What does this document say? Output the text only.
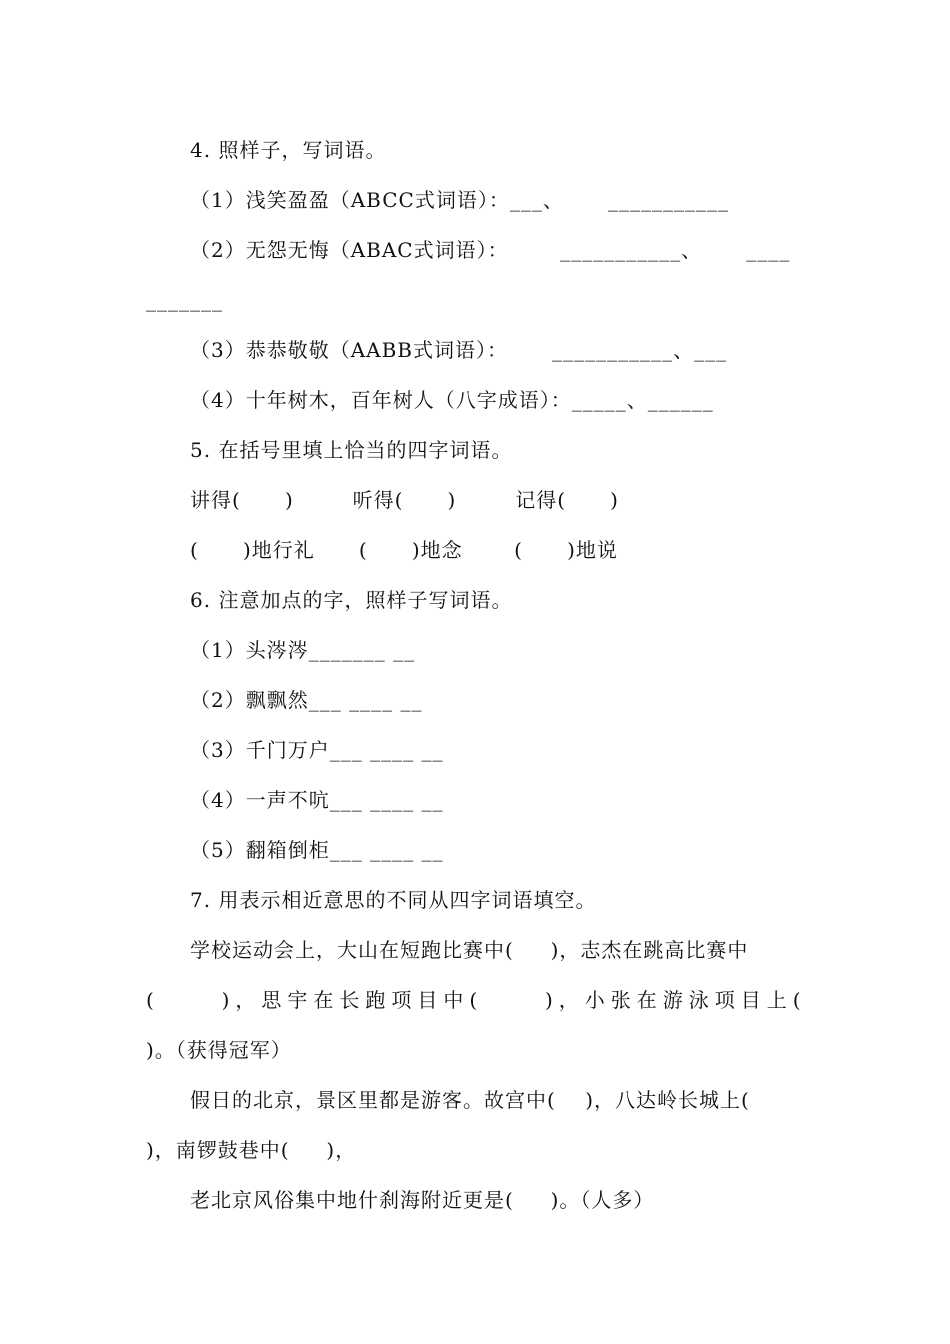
4. 照样子，写词语。
（1）浅笑盈盈（ABCC式词语）：___、      ___________
（2）无怨无悔（ABAC式词语）：       ___________、      ____
_______
（3）恭恭敬敬（AABB式词语）：      ___________、___
（4）十年树木，百年树人（八字成语）：_____、______
5. 在括号里填上恰当的四字词语。
讲得(      )        听得(      )        记得(      )
(      )地行礼      (      )地念       (      )地说
6. 注意加点的字，照样子写词语。
（1）头涔涔_______ __
（2）飘飘然___ ____ __
（3）千门万户___ ____ __
（4）一声不吭___ ____ __
（5）翻箱倒柜___ ____ __
7. 用表示相近意思的不同从四字词语填空。
学校运动会上，大山在短跑比赛中(     )，志杰在跳高比赛中
(     )，思宇在长跑项目中(     )，小张在游泳项目上(
)。（获得冠军）
假日的北京，景区里都是游客。故宫中(    )，八达岭长城上(
)，南锣鼓巷中(     )，
老北京风俗集中地什刹海附近更是(     )。（人多）
